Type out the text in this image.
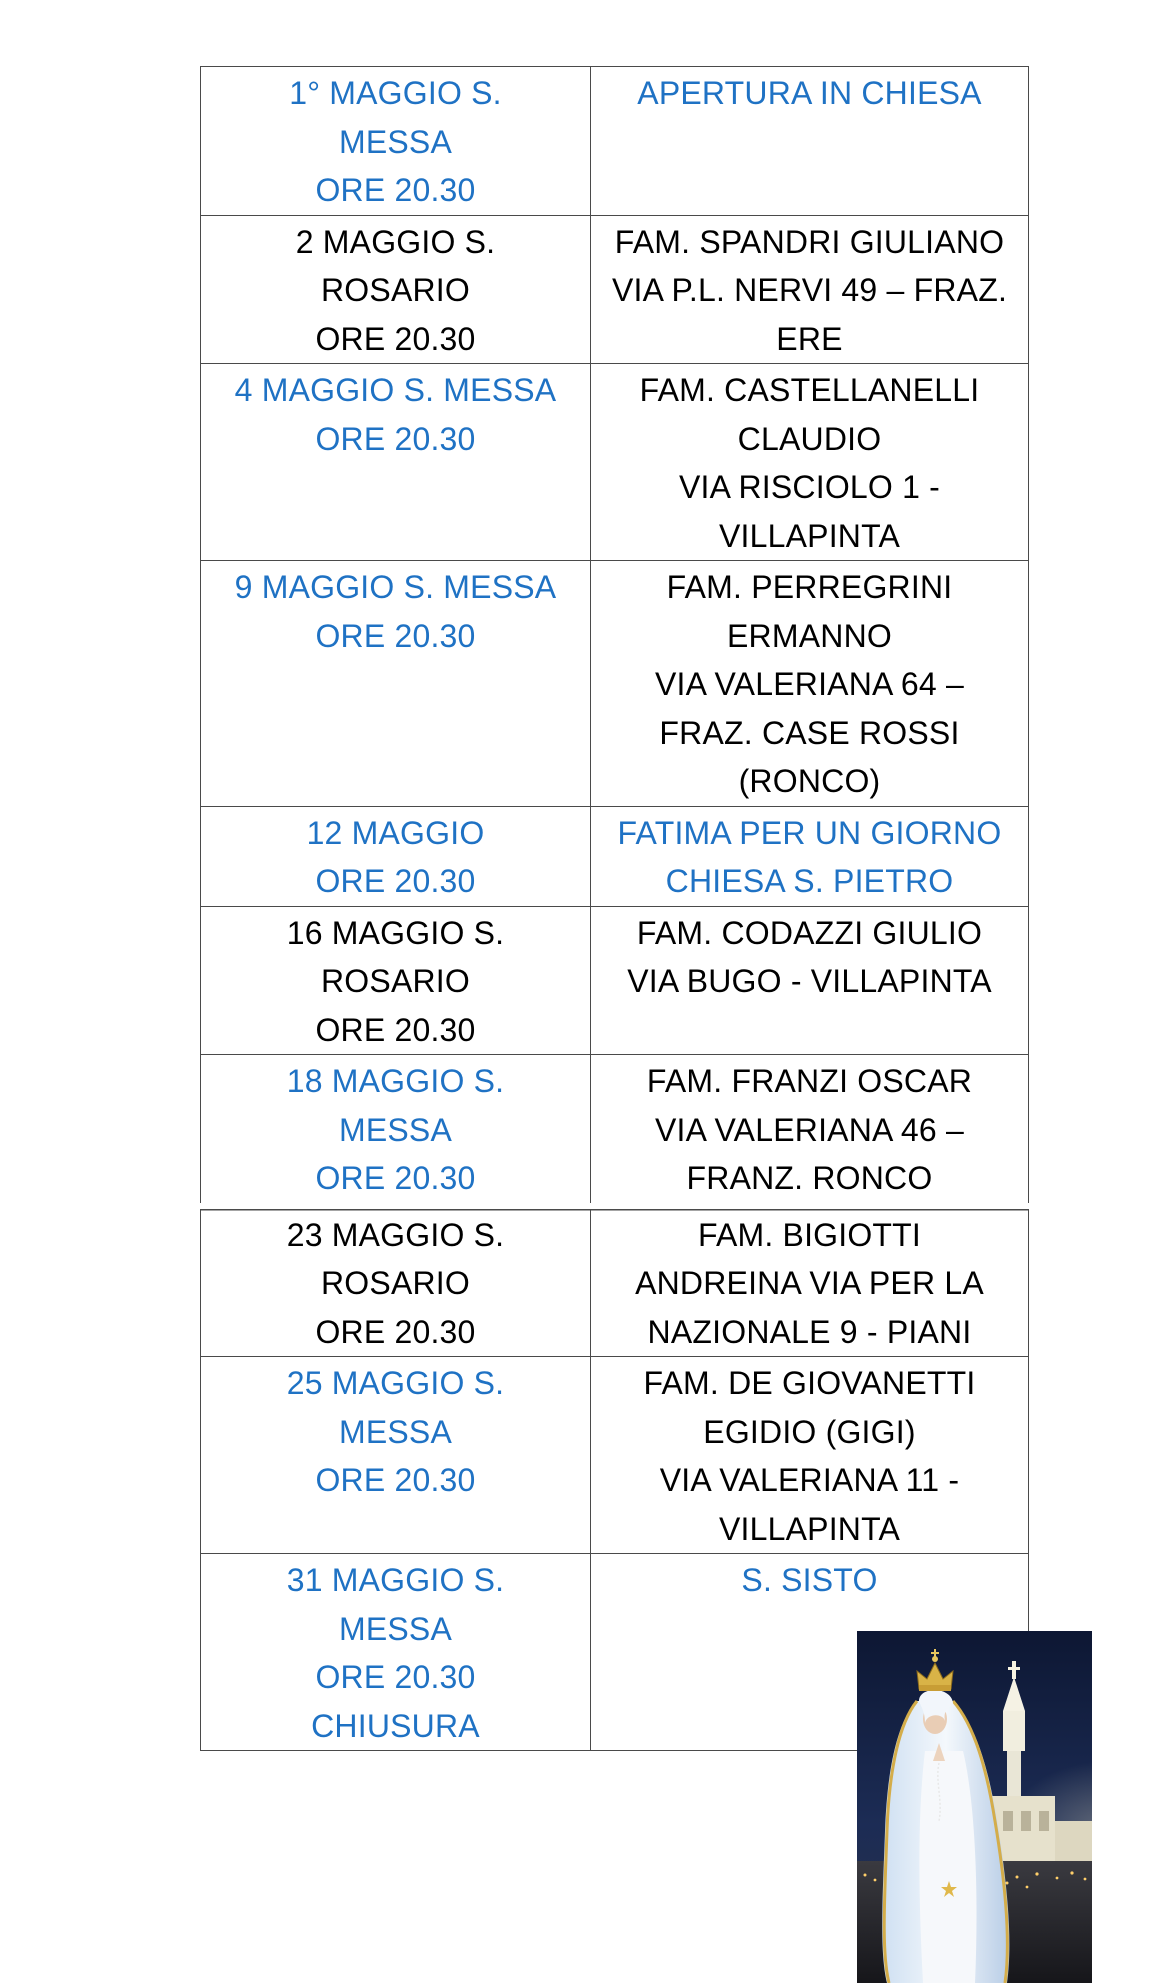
1° MAGGIO S.
MESSA
ORE 20.30	APERTURA IN CHIESA

2 MAGGIO S.
ROSARIO
ORE 20.30	FAM. SPANDRI GIULIANO
VIA P.L. NERVI 49 – FRAZ.
ERE

4 MAGGIO S. MESSA
ORE 20.30	FAM. CASTELLANELLI
CLAUDIO
VIA RISCIOLO 1 -
VILLAPINTA

9 MAGGIO S. MESSA
ORE 20.30	FAM. PERREGRINI
ERMANNO
VIA VALERIANA 64 –
FRAZ. CASE ROSSI
(RONCO)

12 MAGGIO
ORE 20.30	FATIMA PER UN GIORNO
CHIESA S. PIETRO

16 MAGGIO S.
ROSARIO
ORE 20.30	FAM. CODAZZI GIULIO
VIA BUGO - VILLAPINTA

18 MAGGIO S.
MESSA
ORE 20.30	FAM. FRANZI OSCAR
VIA VALERIANA 46 –
FRANZ. RONCO

23 MAGGIO S.
ROSARIO
ORE 20.30	FAM. BIGIOTTI
ANDREINA VIA PER LA
NAZIONALE 9 - PIANI

25 MAGGIO S.
MESSA
ORE 20.30	FAM. DE GIOVANETTI
EGIDIO (GIGI)
VIA VALERIANA 11 -
VILLAPINTA

31 MAGGIO S.
MESSA
ORE 20.30
CHIUSURA	S. SISTO
